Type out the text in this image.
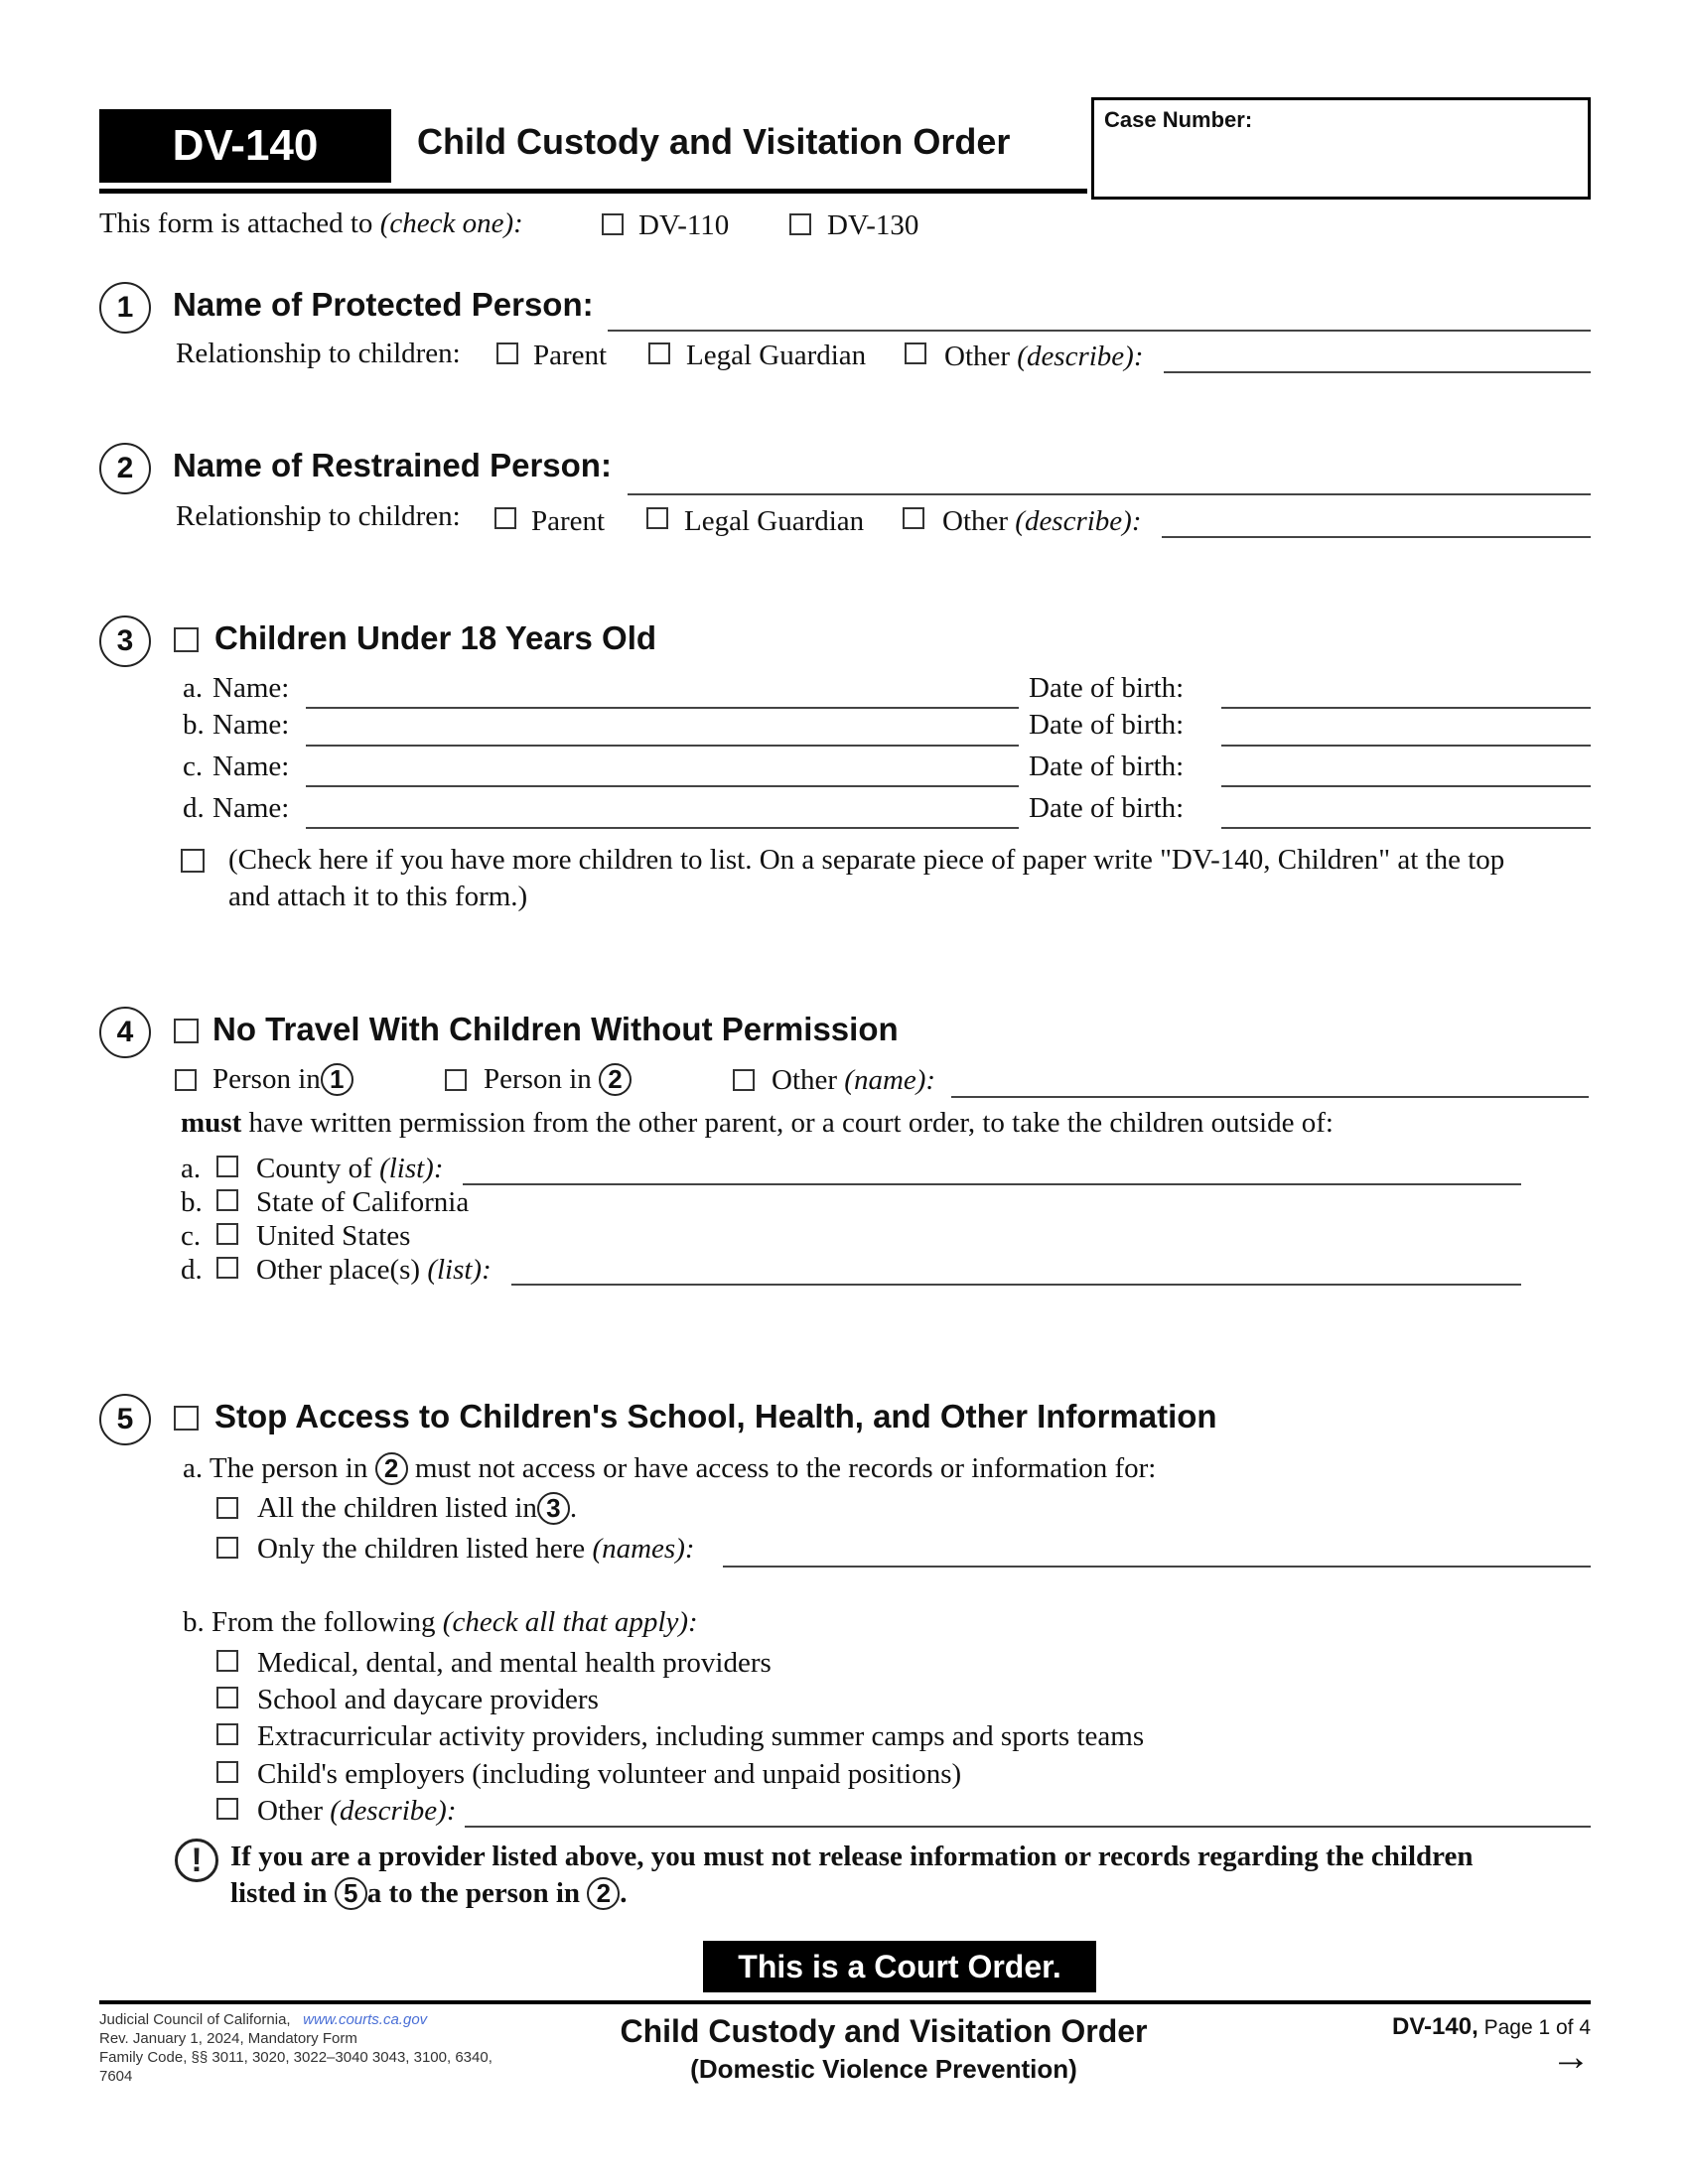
DV-140	Child Custody and Visitation Order
Case Number:
This form is attached to (check one):	DV-110	DV-130
1	Name of Protected Person:
Relationship to children:	Parent	Legal Guardian	Other (describe):
2	Name of Restrained Person:
Relationship to children: Parent	Legal Guardian	Other (describe):
3	Children Under 18 Years Old
a. Name:	Date of birth:
b. Name:	Date of birth:
c. Name:	Date of birth:
d. Name:	Date of birth:
(Check here if you have more children to list. On a separate piece of paper write "DV-140, Children" at the top
and attach it to this form.)
4	No Travel With Children Without Permission
Person in 1	Person in 2	Other (name):
must have written permission from the other parent, or a court order, to take the children outside of:
a. County of (list):
b. State of California
c. United States
d. Other place(s) (list):
5	Stop Access to Children's School, Health, and Other Information
a. The person in 2 must not access or have access to the records or information for:
All the children listed in 3 .
Only the children listed here (names):
b. From the following (check all that apply):
Medical, dental, and mental health providers
School and daycare providers
Extracurricular activity providers, including summer camps and sports teams
Child's employers (including volunteer and unpaid positions)
Other (describe):
! If you are a provider listed above, you must not release information or records regarding the children
listed in 5 a to the person in 2 .
This is a Court Order.
Judicial Council of California, www.courts.ca.gov
Rev. January 1, 2024, Mandatory Form
Family Code, §§ 3011, 3020, 3022–3040 3043, 3100, 6340,
7604
Child Custody and Visitation Order
(Domestic Violence Prevention)
DV-140, Page 1 of 4
→
